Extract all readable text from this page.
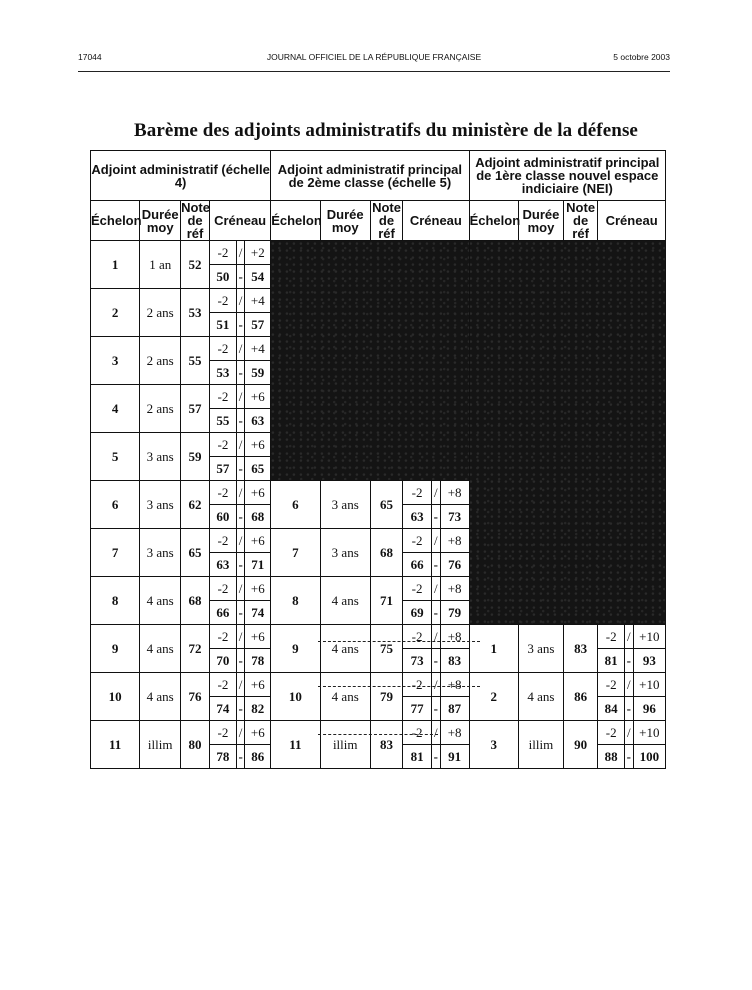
17044	JOURNAL OFFICIEL DE LA RÉPUBLIQUE FRANÇAISE	5 octobre 2003
Barème des adjoints administratifs du ministère de la défense
Adjoint administratif (échelle 4)						Adjoint administratif principal de 2ème classe (échelle 5)						Adjoint administratif principal de 1ère classe nouvel espace indiciaire (NEI)					
Échelon	Durée moy	Note de réf	Créneau			Échelon	Durée moy	Note de réf	Créneau			Échelon	Durée moy	Note de réf	Créneau		
1	1 an	52	-2	/	+2												
			50	-	54												
2	2 ans	53	-2	/	+4												
			51	-	57												
3	2 ans	55	-2	/	+4												
			53	-	59												
4	2 ans	57	-2	/	+6												
			55	-	63												
5	3 ans	59	-2	/	+6												
			57	-	65												
6	3 ans	62	-2	/	+6	6	3 ans	65	-2	/	+8						
			60	-	68				63	-	73						
7	3 ans	65	-2	/	+6	7	3 ans	68	-2	/	+8						
			63	-	71				66	-	76						
8	4 ans	68	-2	/	+6	8	4 ans	71	-2	/	+8						
			66	-	74				69	-	79						
9	4 ans	72	-2	/	+6	9	4 ans	75	-2	/	+8	1	3 ans	83	-2	/	+10
			70	-	78				73	-	83				81	-	93
10	4 ans	76	-2	/	+6	10	4 ans	79	-2	/	+8	2	4 ans	86	-2	/	+10
			74	-	82				77	-	87				84	-	96
11	illim	80	-2	/	+6	11	illim	83	-2	/	+8	3	illim	90	-2	/	+10
			78	-	86				81	-	91				88	-	100
